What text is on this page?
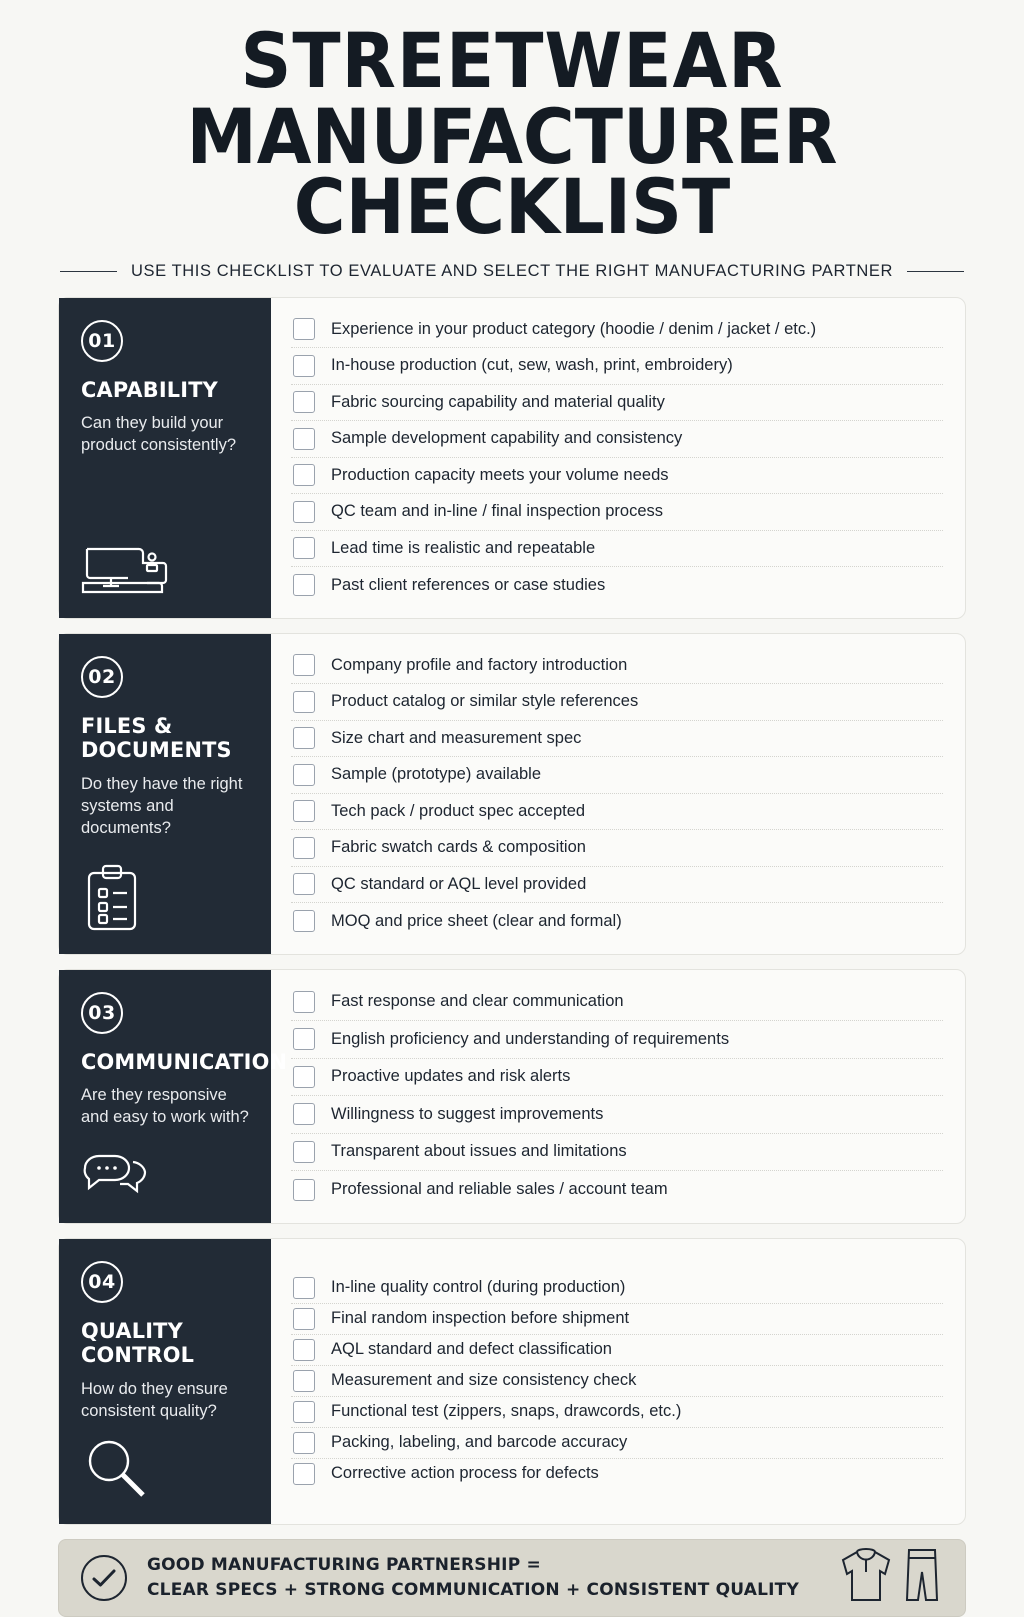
STREETWEAR
MANUFACTURER CHECKLIST
USE THIS CHECKLIST TO EVALUATE AND SELECT THE RIGHT MANUFACTURING PARTNER
01
CAPABILITY
Can they build your product consistently?
Experience in your product category (hoodie / denim / jacket / etc.)
In-house production (cut, sew, wash, print, embroidery)
Fabric sourcing capability and material quality
Sample development capability and consistency
Production capacity meets your volume needs
QC team and in-line / final inspection process
Lead time is realistic and repeatable
Past client references or case studies
02
FILES & DOCUMENTS
Do they have the right systems and documents?
Company profile and factory introduction
Product catalog or similar style references
Size chart and measurement spec
Sample (prototype) available
Tech pack / product spec accepted
Fabric swatch cards & composition
QC standard or AQL level provided
MOQ and price sheet (clear and formal)
03
COMMUNICATION
Are they responsive and easy to work with?
Fast response and clear communication
English proficiency and understanding of requirements
Proactive updates and risk alerts
Willingness to suggest improvements
Transparent about issues and limitations
Professional and reliable sales / account team
04
QUALITY CONTROL
How do they ensure consistent quality?
In-line quality control (during production)
Final random inspection before shipment
AQL standard and defect classification
Measurement and size consistency check
Functional test (zippers, snaps, drawcords, etc.)
Packing, labeling, and barcode accuracy
Corrective action process for defects
GOOD MANUFACTURING PARTNERSHIP =
CLEAR SPECS + STRONG COMMUNICATION + CONSISTENT QUALITY
